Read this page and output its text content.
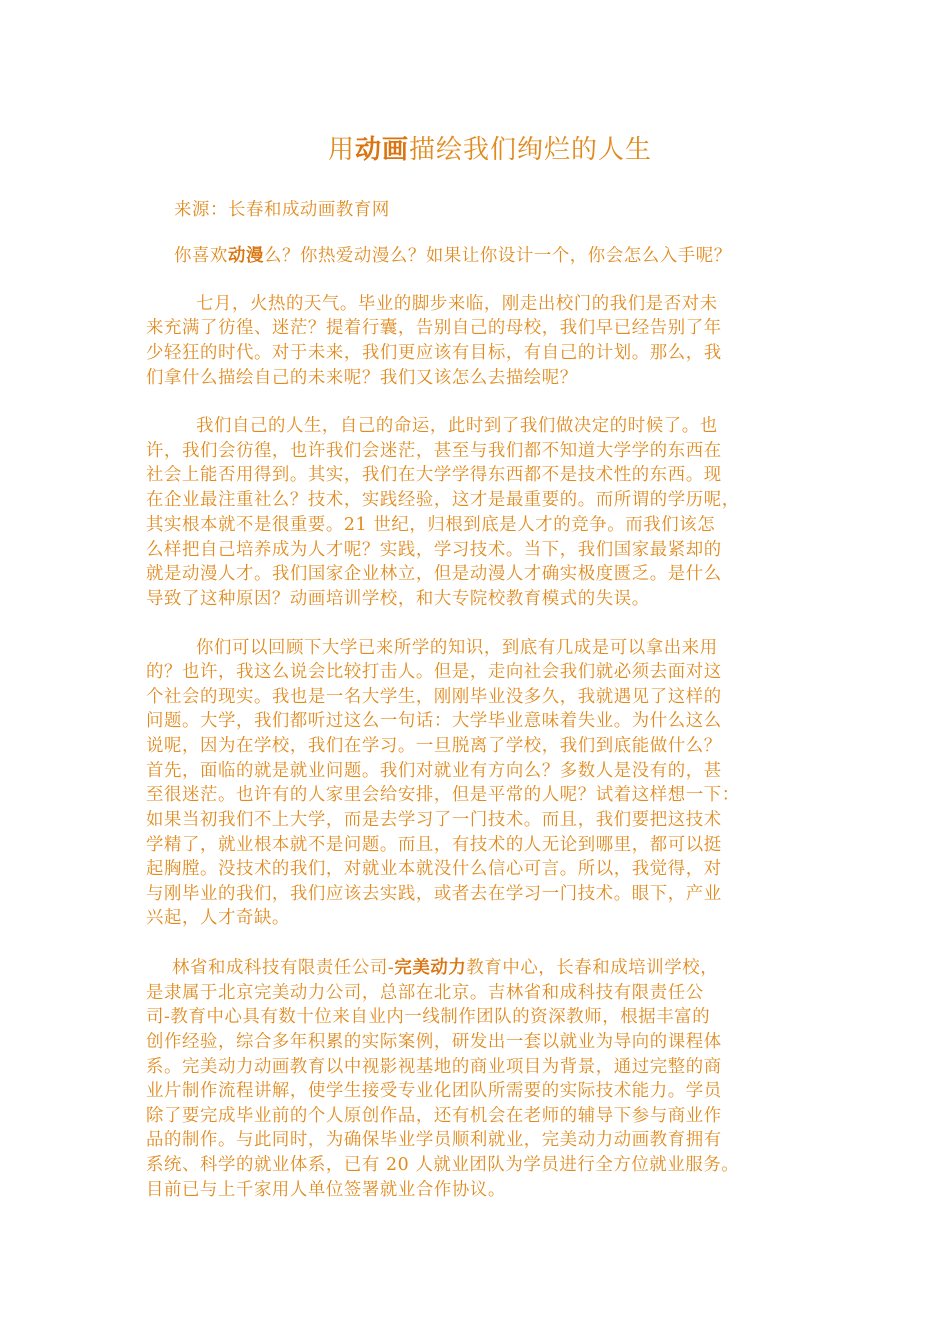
用动画描绘我们绚烂的人生
来源：长春和成动画教育网
你喜欢动漫么？你热爱动漫么？如果让你设计一个，你会怎么入手呢？
七月，火热的天气。毕业的脚步来临，刚走出校门的我们是否对未
来充满了彷徨、迷茫？提着行囊，告别自己的母校，我们早已经告别了年
少轻狂的时代。对于未来，我们更应该有目标，有自己的计划。那么，我
们拿什么描绘自己的未来呢？我们又该怎么去描绘呢？
我们自己的人生，自己的命运，此时到了我们做决定的时候了。也
许，我们会彷徨，也许我们会迷茫，甚至与我们都不知道大学学的东西在
社会上能否用得到。其实，我们在大学学得东西都不是技术性的东西。现
在企业最注重社么？技术，实践经验，这才是最重要的。而所谓的学历呢，
其实根本就不是很重要。21 世纪，归根到底是人才的竞争。而我们该怎
么样把自己培养成为人才呢？实践，学习技术。当下，我们国家最紧却的
就是动漫人才。我们国家企业林立，但是动漫人才确实极度匮乏。是什么
导致了这种原因？动画培训学校，和大专院校教育模式的失误。
你们可以回顾下大学已来所学的知识，到底有几成是可以拿出来用
的？也许，我这么说会比较打击人。但是，走向社会我们就必须去面对这
个社会的现实。我也是一名大学生，刚刚毕业没多久，我就遇见了这样的
问题。大学，我们都听过这么一句话：大学毕业意味着失业。为什么这么
说呢，因为在学校，我们在学习。一旦脱离了学校，我们到底能做什么？
首先，面临的就是就业问题。我们对就业有方向么？多数人是没有的，甚
至很迷茫。也许有的人家里会给安排，但是平常的人呢？试着这样想一下：
如果当初我们不上大学，而是去学习了一门技术。而且，我们要把这技术
学精了，就业根本就不是问题。而且，有技术的人无论到哪里，都可以挺
起胸膛。没技术的我们，对就业本就没什么信心可言。所以，我觉得，对
与刚毕业的我们，我们应该去实践，或者去在学习一门技术。眼下，产业
兴起，人才奇缺。
林省和成科技有限责任公司-完美动力教育中心，长春和成培训学校，
是隶属于北京完美动力公司，总部在北京。吉林省和成科技有限责任公
司-教育中心具有数十位来自业内一线制作团队的资深教师，根据丰富的
创作经验，综合多年积累的实际案例，研发出一套以就业为导向的课程体
系。完美动力动画教育以中视影视基地的商业项目为背景，通过完整的商
业片制作流程讲解，使学生接受专业化团队所需要的实际技术能力。学员
除了要完成毕业前的个人原创作品，还有机会在老师的辅导下参与商业作
品的制作。与此同时，为确保毕业学员顺利就业，完美动力动画教育拥有
系统、科学的就业体系，已有 20 人就业团队为学员进行全方位就业服务。
目前已与上千家用人单位签署就业合作协议。
